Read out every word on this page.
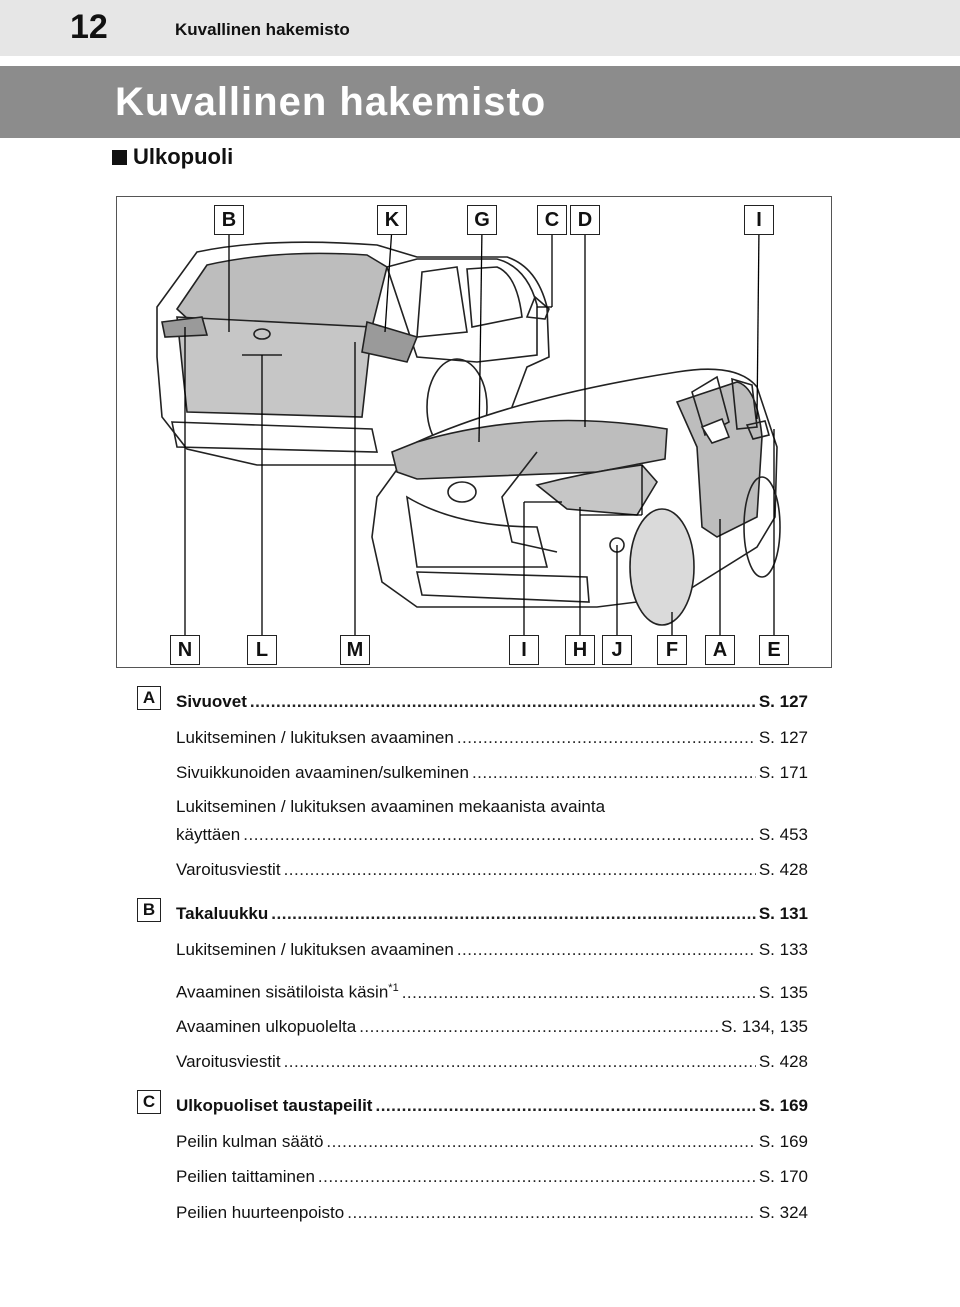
12	Kuvallinen hakemisto
Kuvallinen hakemisto
Ulkopuoli
B	K	G	C D	I
N	L	M	I	H	J	F	A	E
A	Sivuovet .....	S. 127
Lukitseminen / lukituksen avaaminen .....	S. 127
Sivuikkunoiden avaaminen/sulkeminen .....	S. 171
Lukitseminen / lukituksen avaaminen mekaanista avainta
käyttäen .....	S. 453
Varoitusviestit .....	S. 428
B	Takaluukku .....	S. 131
Lukitseminen / lukituksen avaaminen .....	S. 133
Avaaminen sisätiloista käsin$^{*1}$ .....	S. 135
Avaaminen ulkopuolelta .....	S. 134, 135
Varoitusviestit .....	S. 428
C	Ulkopuoliset taustapeilit .....	S. 169
Peilin kulman säätö .....	S. 169
Peilien taittaminen .....	S. 170
Peilien huurteenpoisto .....	S. 324
